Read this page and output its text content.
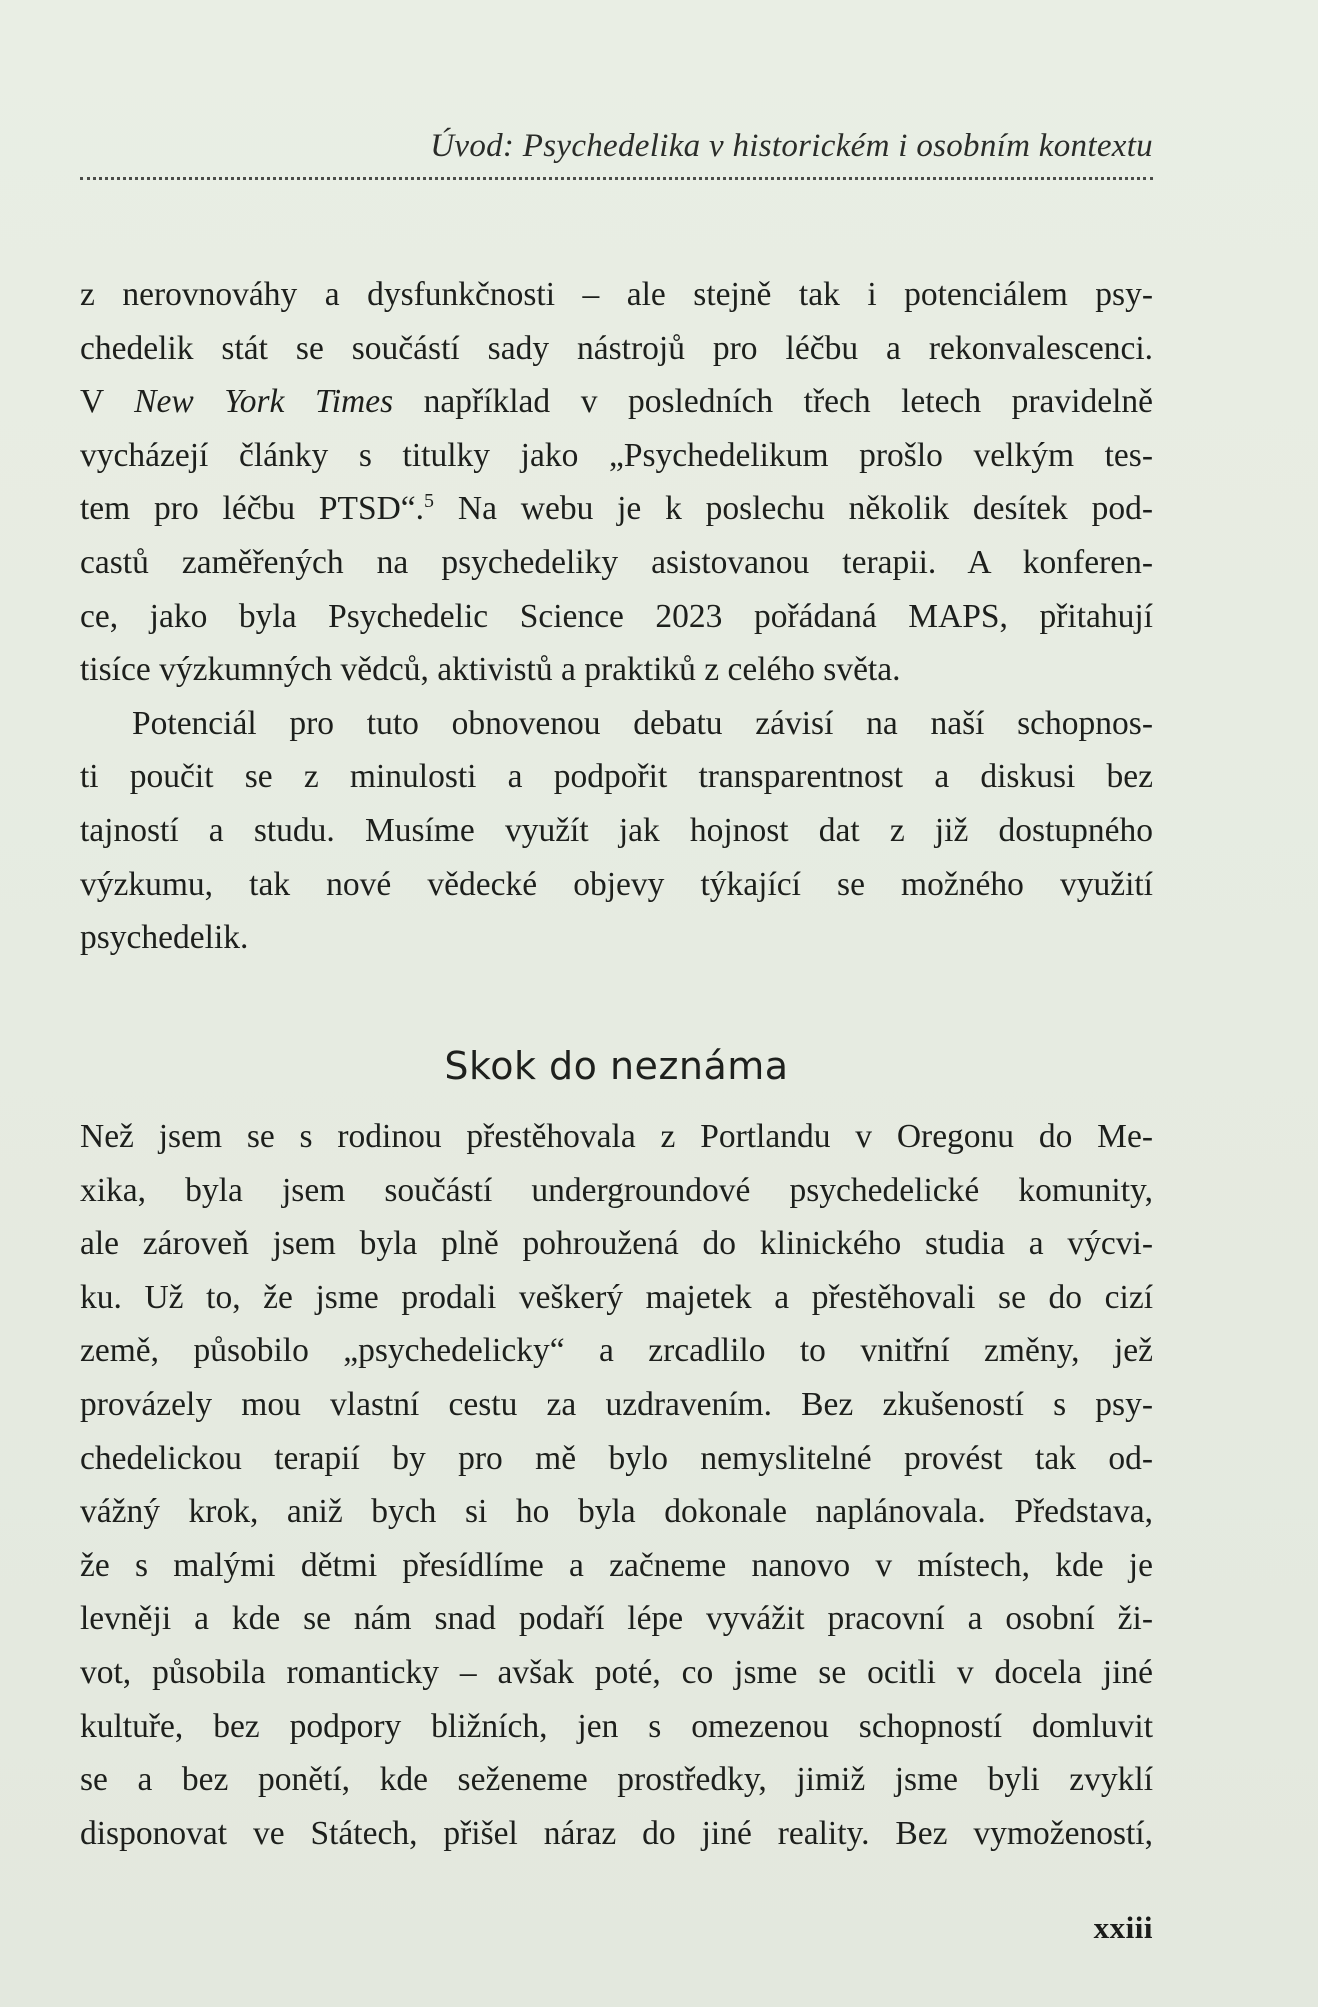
Úvod: Psychedelika v historickém i osobním kontextu
z nerovnováhy a dysfunkčnosti – ale stejně tak i potenciálem psy-
chedelik stát se součástí sady nástrojů pro léčbu a rekonvalescenci.
V New York Times například v posledních třech letech pravidelně
vycházejí články s titulky jako „Psychedelikum prošlo velkým tes-
tem pro léčbu PTSD“.$^5$ Na webu je k poslechu několik desítek pod-
castů zaměřených na psychedeliky asistovanou terapii. A konferen-
ce, jako byla Psychedelic Science 2023 pořádaná MAPS, přitahují
tisíce výzkumných vědců, aktivistů a praktiků z celého světa.
Potenciál pro tuto obnovenou debatu závisí na naší schopnos-
ti poučit se z minulosti a podpořit transparentnost a diskusi bez
tajností a studu. Musíme využít jak hojnost dat z již dostupného
výzkumu, tak nové vědecké objevy týkající se možného využití
psychedelik.
Skok do neznáma
Než jsem se s rodinou přestěhovala z Portlandu v Oregonu do Me-
xika, byla jsem součástí undergroundové psychedelické komunity,
ale zároveň jsem byla plně pohroužená do klinického studia a výcvi-
ku. Už to, že jsme prodali veškerý majetek a přestěhovali se do cizí
země, působilo „psychedelicky“ a zrcadlilo to vnitřní změny, jež
provázely mou vlastní cestu za uzdravením. Bez zkušeností s psy-
chedelickou terapií by pro mě bylo nemyslitelné provést tak od-
vážný krok, aniž bych si ho byla dokonale naplánovala. Představa,
že s malými dětmi přesídlíme a začneme nanovo v místech, kde je
levněji a kde se nám snad podaří lépe vyvážit pracovní a osobní ži-
vot, působila romanticky – avšak poté, co jsme se ocitli v docela jiné
kultuře, bez podpory bližních, jen s omezenou schopností domluvit
se a bez ponětí, kde seženeme prostředky, jimiž jsme byli zvyklí
disponovat ve Státech, přišel náraz do jiné reality. Bez vymožeností,
xxiii
